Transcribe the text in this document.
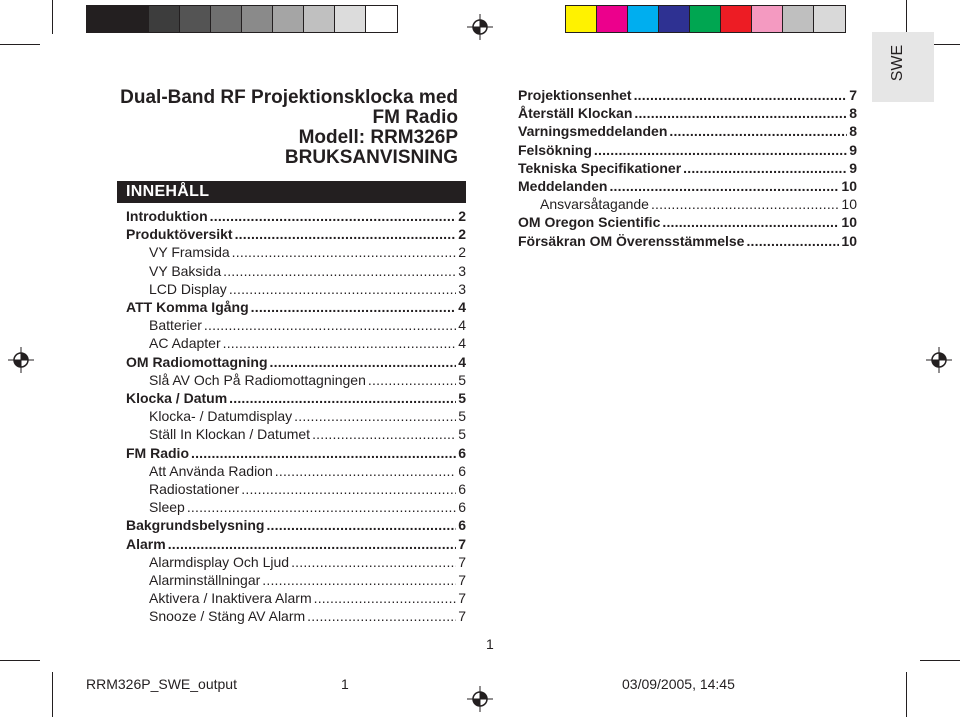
Dual-Band RF Projektionsklocka med
FM Radio
Modell: RRM326P
BRUKSANVISNING
INNEHÅLL
Introduktion .....	2
Produktöversikt .....	2
VY Framsida .....	2
VY Baksida .....	3
LCD Display .....	3
ATT Komma Igång .....	4
Batterier .....	4
AC Adapter .....	4
OM Radiomottagning .....	4
Slå AV Och På Radiomottagningen .....	5
Klocka / Datum .....	5
Klocka- / Datumdisplay .....	5
Ställ In Klockan / Datumet .....	5
FM Radio .....	6
Att Använda Radion .....	6
Radiostationer .....	6
Sleep .....	6
Bakgrundsbelysning .....	6
Alarm .....	7
Alarmdisplay Och Ljud .....	7
Alarminställningar .....	7
Aktivera / Inaktivera Alarm .....	7
Snooze / Stäng AV Alarm .....	7
Projektionsenhet .....	7
Återställ Klockan .....	8
Varningsmeddelanden .....	8
Felsökning .....	9
Tekniska Specifikationer .....	9
Meddelanden .....	10
Ansvarsåtagande .....	10
OM Oregon Scientific .....	10
Försäkran OM Överensstämmelse .....	10
SWE
1
RRM326P_SWE_output	1	03/09/2005, 14:45
